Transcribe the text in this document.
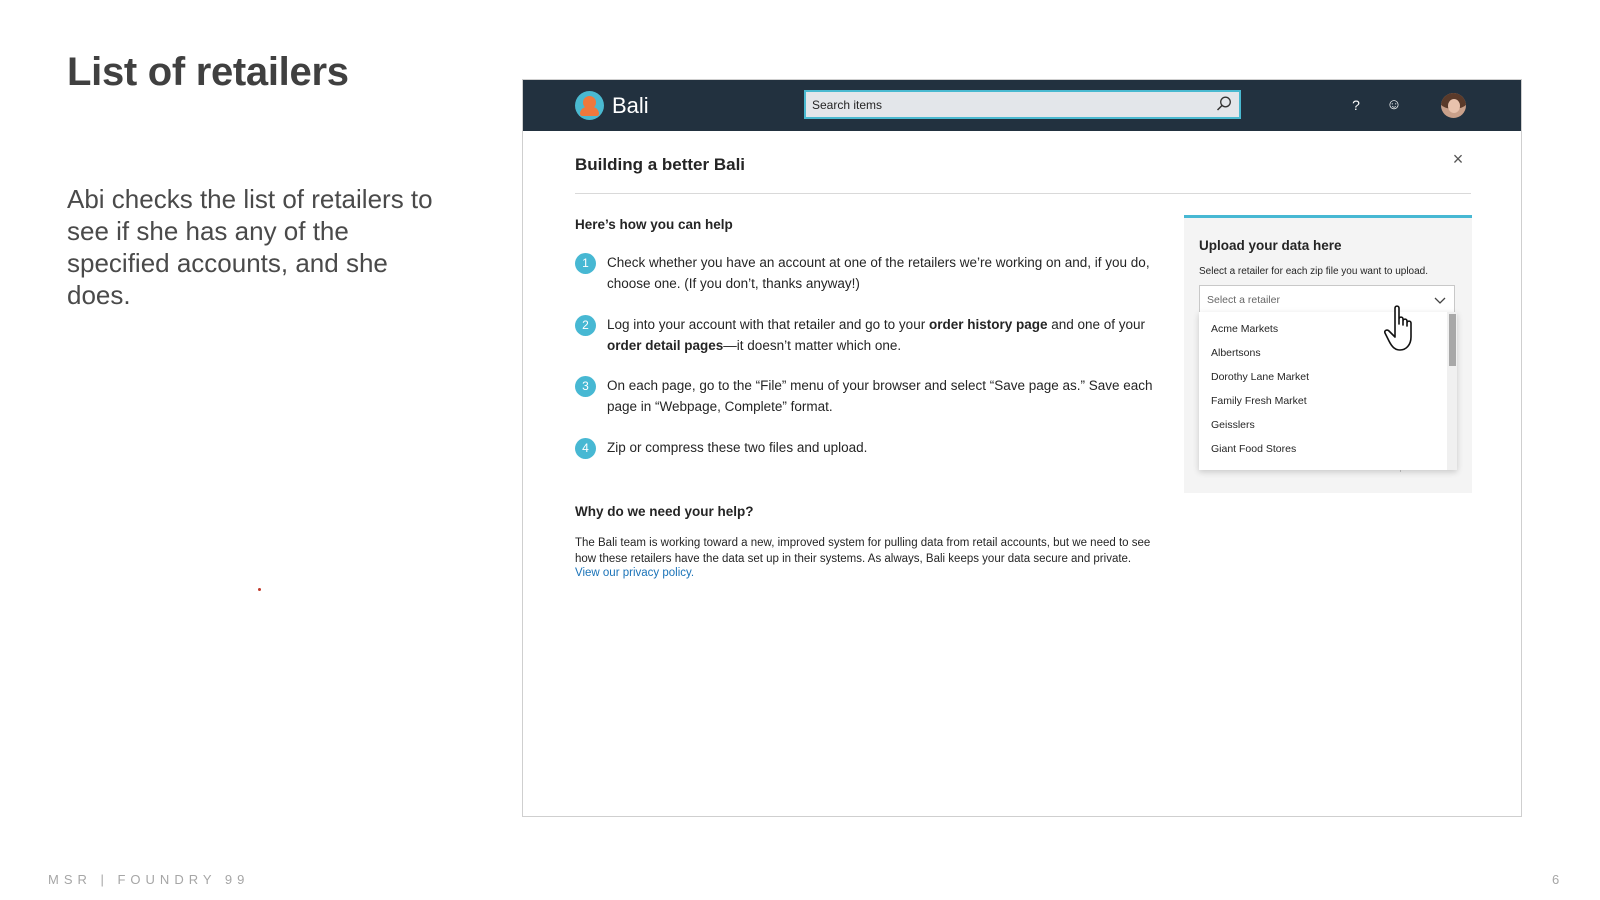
List of retailers

Abi checks the list of retailers to see if she has any of the specified accounts, and she does.

Bali
Search items	?	☺
Building a better Bali	×
Here’s how you can help
1	Check whether you have an account at one of the retailers we’re working on and, if you do, choose one. (If you don’t, thanks anyway!)
2	Log into your account with that retailer and go to your order history page and one of your order detail pages—it doesn’t matter which one.
3	On each page, go to the “File” menu of your browser and select “Save page as.” Save each page in “Webpage, Complete” format.
4	Zip or compress these two files and upload.
Why do we need your help?

The Bali team is working toward a new, improved system for pulling data from retail accounts, but we need to see how these retailers have the data set up in their systems. As always, Bali keeps your data secure and private.

View our privacy policy.
Upload your data here
Select a retailer for each zip file you want to upload.
Select a retailer
Acme Markets
Albertsons
Dorothy Lane Market
Family Fresh Market
Geisslers
Giant Food Stores
MSR | FOUNDRY 99	6
